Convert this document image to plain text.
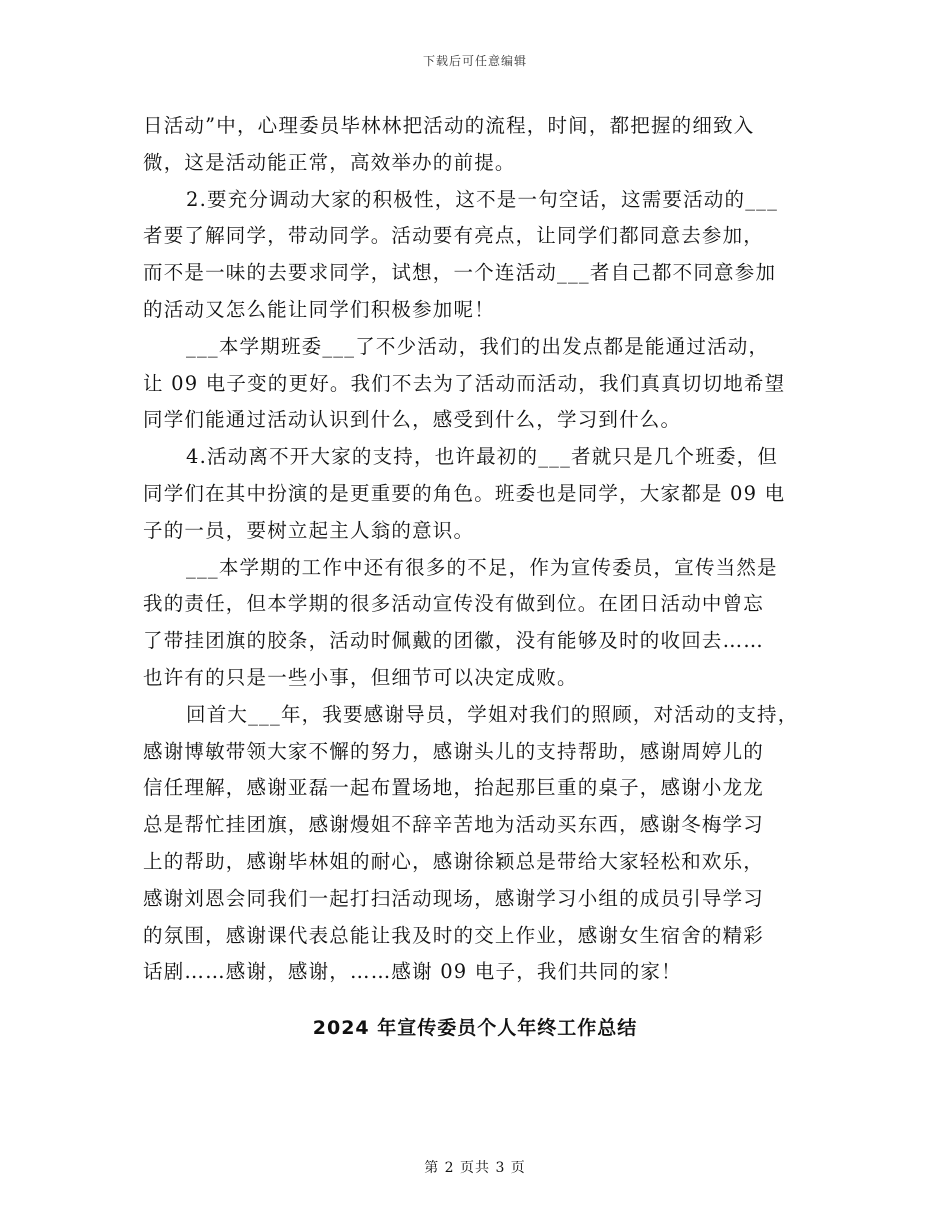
下载后可任意编辑
日活动”中，心理委员毕林林把活动的流程，时间，都把握的细致入
微，这是活动能正常，高效举办的前提。
2.要充分调动大家的积极性，这不是一句空话，这需要活动的___
者要了解同学，带动同学。活动要有亮点，让同学们都同意去参加，
而不是一味的去要求同学，试想，一个连活动___者自己都不同意参加
的活动又怎么能让同学们积极参加呢！
___本学期班委___了不少活动，我们的出发点都是能通过活动，
让 09 电子变的更好。我们不去为了活动而活动，我们真真切切地希望
同学们能通过活动认识到什么，感受到什么，学习到什么。
4.活动离不开大家的支持，也许最初的___者就只是几个班委，但
同学们在其中扮演的是更重要的角色。班委也是同学，大家都是 09 电
子的一员，要树立起主人翁的意识。
___本学期的工作中还有很多的不足，作为宣传委员，宣传当然是
我的责任，但本学期的很多活动宣传没有做到位。在团日活动中曾忘
了带挂团旗的胶条，活动时佩戴的团徽，没有能够及时的收回去……
也许有的只是一些小事，但细节可以决定成败。
回首大___年，我要感谢导员，学姐对我们的照顾，对活动的支持，
感谢博敏带领大家不懈的努力，感谢头儿的支持帮助，感谢周婷儿的
信任理解，感谢亚磊一起布置场地，抬起那巨重的桌子，感谢小龙龙
总是帮忙挂团旗，感谢熳姐不辞辛苦地为活动买东西，感谢冬梅学习
上的帮助，感谢毕林姐的耐心，感谢徐颖总是带给大家轻松和欢乐，
感谢刘恩会同我们一起打扫活动现场，感谢学习小组的成员引导学习
的氛围，感谢课代表总能让我及时的交上作业，感谢女生宿舍的精彩
话剧……感谢，感谢，……感谢 09 电子，我们共同的家！
2024 年宣传委员个人年终工作总结
第 2 页共 3 页
